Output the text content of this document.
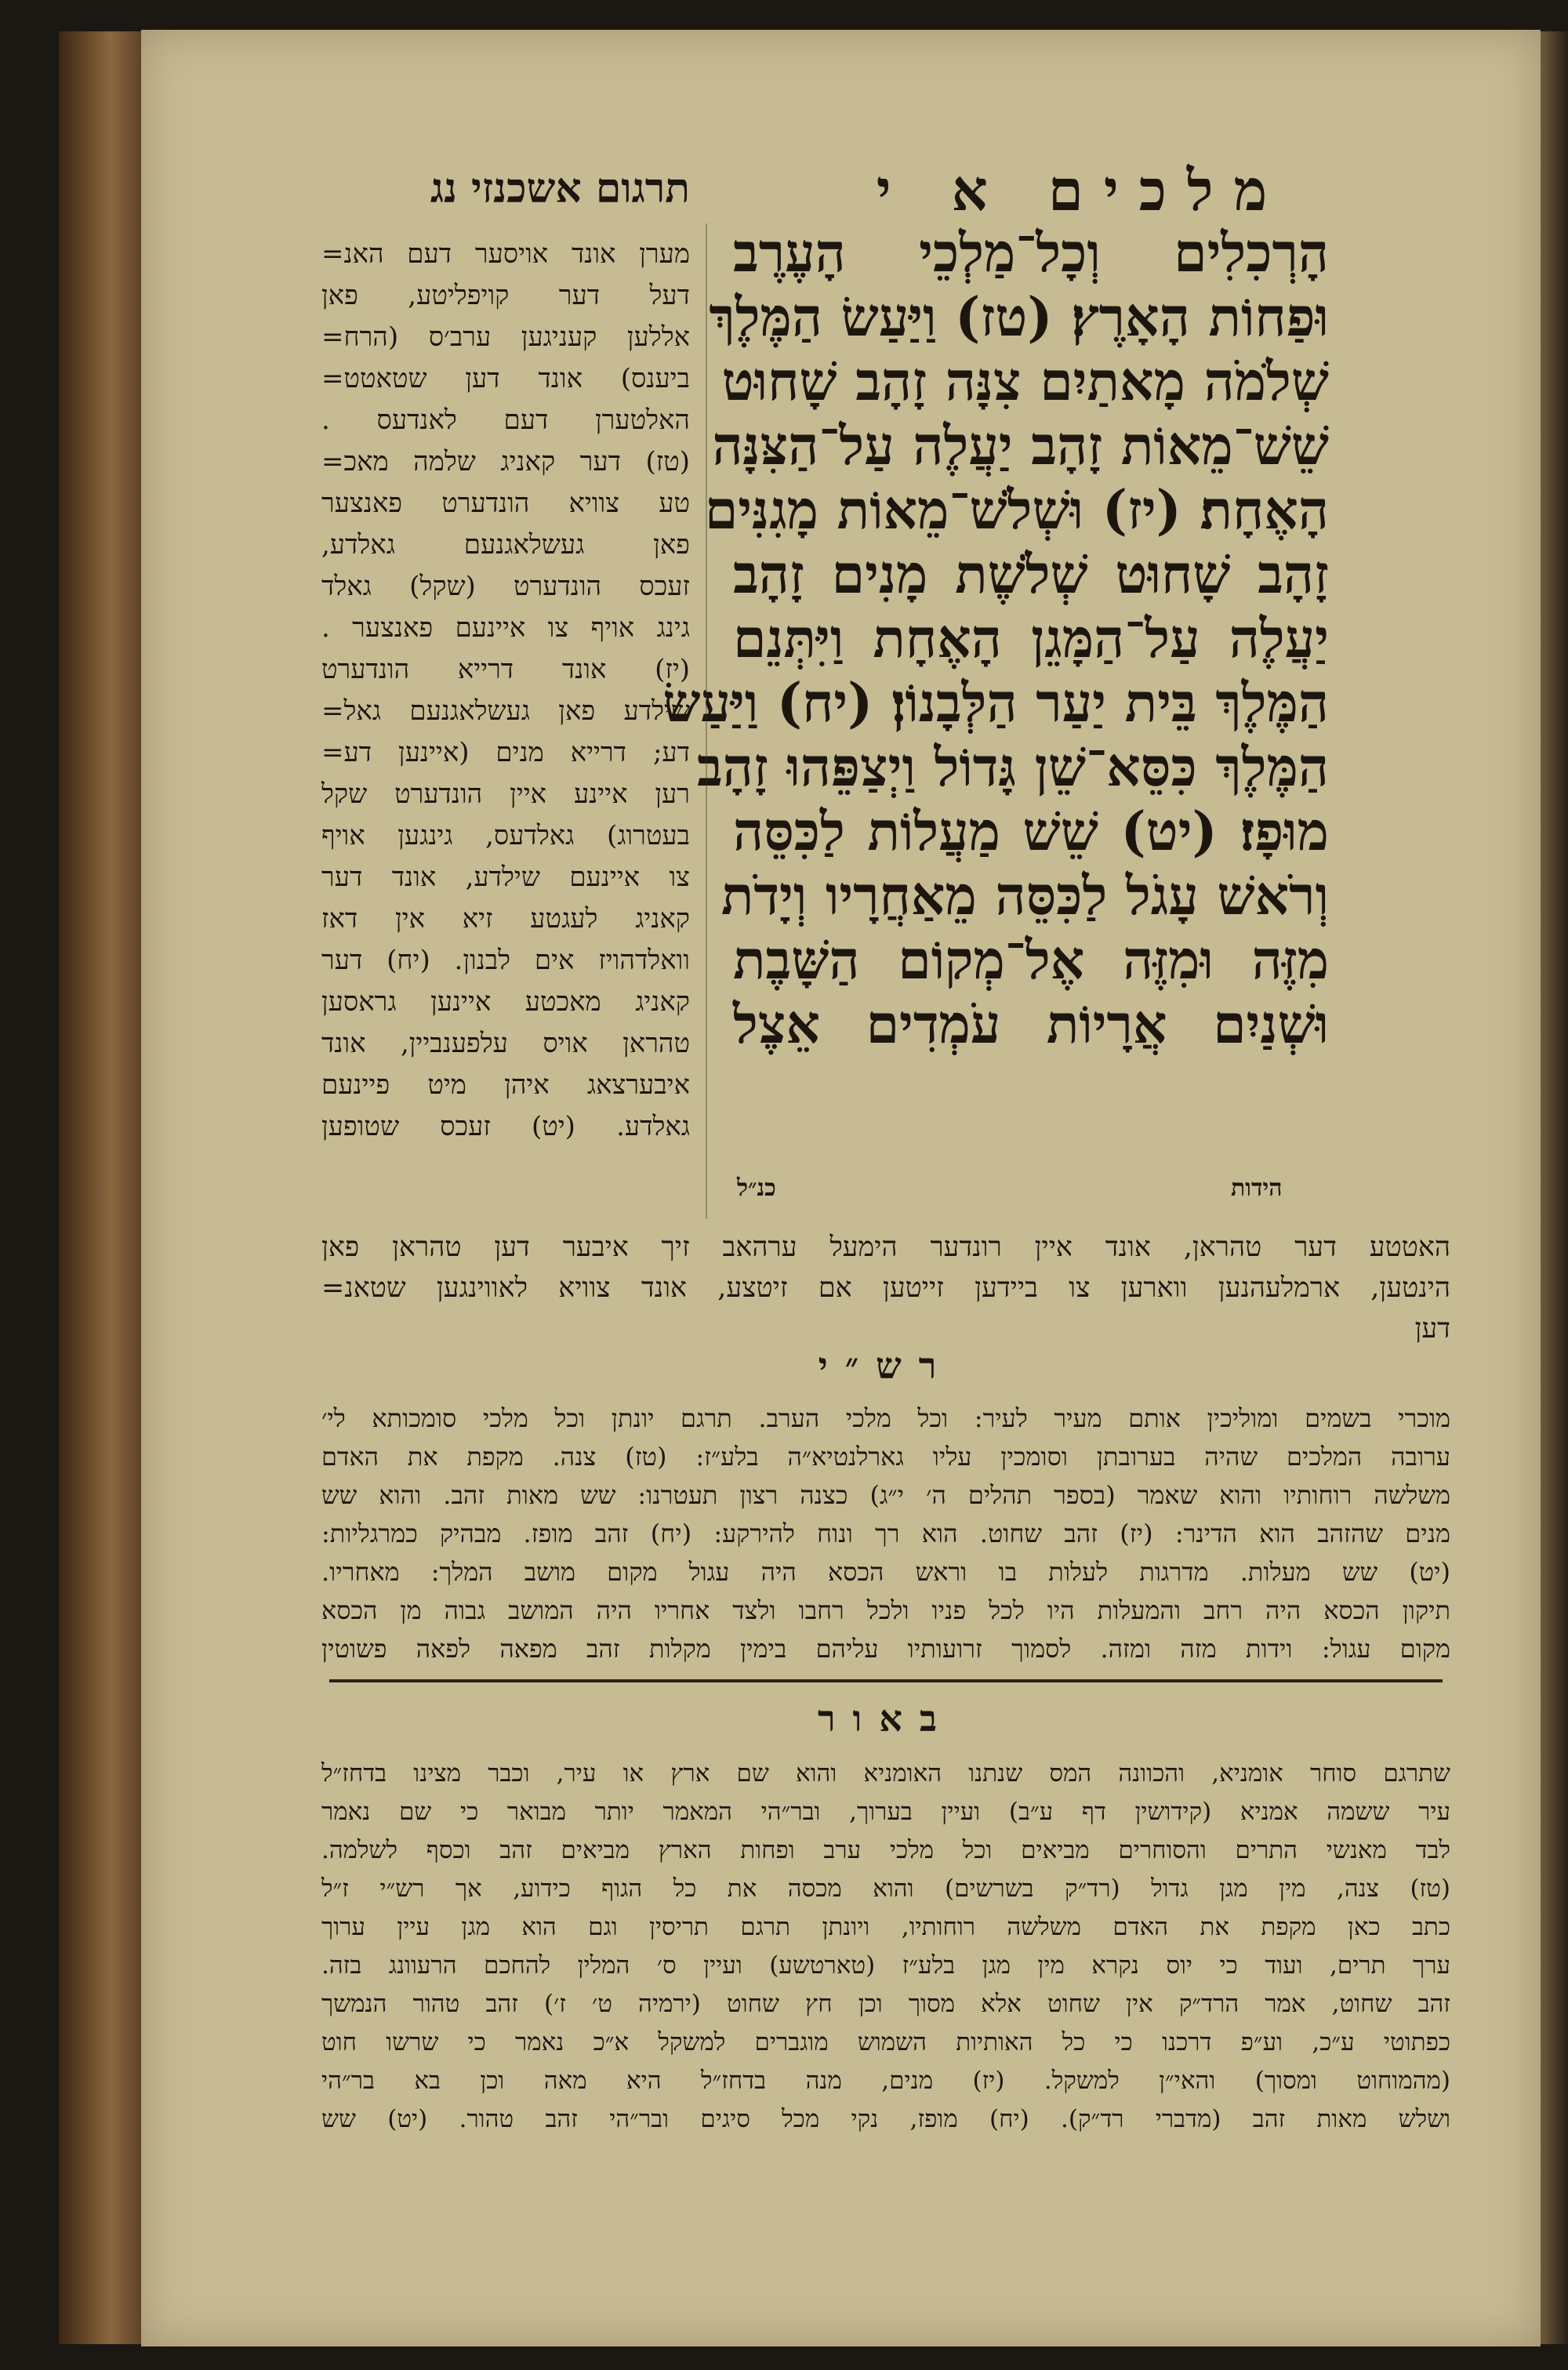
מלכים א י
תרגום אשכנזי נג
הָרְכִלִים וְכָל־מַלְכֵי הָעֶרֶב
וּפַחוֹת הָאָרֶץ׃ (טז) וַיַּעַשׂ הַמֶּלֶךְ
שְׁלֹמֹה מָאתַיִם צִנָּה זָהָב שָׁחוּט
שֵׁשׁ־מֵאוֹת זָהָב יַעֲלֶה עַל־הַצִּנָּה
הָאֶחָת׃ (יז) וּשְׁלֹשׁ־מֵאוֹת מָגִנִּים
זָהָב שָׁחוּט שְׁלֹשֶׁת מָנִים זָהָב
יַעֲלֶה עַל־הַמָּגֵן הָאֶחָת וַיִּתְּנֵם
הַמֶּלֶךְ בֵּית יַעַר הַלְּבָנוֹן׃ (יח) וַיַּעַשׂ
הַמֶּלֶךְ כִּסֵּא־שֵׁן גָּדוֹל וַיְצַפֵּהוּ זָהָב
מוּפָז׃ (יט) שֵׁשׁ מַעֲלוֹת לַכִּסֵּה
וְרֹאשׁ עָגֹל לַכִּסֵּה מֵאַחֲרָיו וְיָדֹת
מִזֶּה וּמִזֶּה אֶל־מְקוֹם הַשָּׁבֶת
וּשְׁנַיִם אֲרָיוֹת עֹמְדִים אֵצֶל
כנ״ל	הידות
מערן אונד אויסער דעם האנ=
דעל דער קויפליטע, פאן
אללען קעניגען ערב׳ס (הרח=
ביענס) אונד דען שטאטט=
האלטערן דעם לאנדעס .
(טז) דער קאניג שלמה מאכ=
טע צוויא הונדערט פאנצער
פאן געשלאגנעם גאלדע,
זעכס הונדערט (שקל) גאלד
גינג אויף צו איינעם פאנצער .
(יז) אונד דרייא הונדערט
שילדע פאן געשלאגנעם גאל=
דע; דרייא מנים (איינען דע=
רען איינע איין הונדערט שקל
בעטרוג) גאלדעס, גינגען אויף
צו איינעם שילדע, אונד דער
קאניג לעגטע זיא אין דאז
וואלדהויז אים לבנון. (יח) דער
קאניג מאכטע איינען גראסען
טהראן אויס עלפענביין, אונד
איבערצאג איהן מיט פיינעם
גאלדע. (יט) זעכס שטופען
האטטע דער טהראן, אונד איין רונדער הימעל ערהאב זיך איבער דען טהראן פאן
הינטען, ארמלעהנען ווארען צו ביידען זייטען אם זיטצע, אונד צוויא לאווינגען שטאנ=
דען
רש״י
מוכרי בשמים ומוליכין אותם מעיר לעיר: וכל מלכי הערב. תרגם יונתן וכל מלכי סומכותא לי׳
ערובה המלכים שהיה בערובתן וסומכין עליו גארלנטיא״ה בלע״ז: (טז) צנה. מקפת את האדם
משלשה רוחותיו והוא שאמר (בספר תהלים ה׳ י״ג) כצנה רצון תעטרנו: שש מאות זהב. והוא שש
מנים שהזהב הוא הדינר: (יז) זהב שחוט. הוא רך ונוח להירקע: (יח) זהב מופז. מבהיק כמרגליות:
(יט) שש מעלות. מדרגות לעלות בו וראש הכסא היה עגול מקום מושב המלך: מאחריו.
תיקון הכסא היה רחב והמעלות היו לכל פניו ולכל רחבו ולצד אחריו היה המושב גבוה מן הכסא
מקום עגול: וידות מזה ומזה. לסמוך זרועותיו עליהם בימין מקלות זהב מפאה לפאה פשוטין
באור
שתרגם סוחר אומניא, והכוונה המס שנתנו האומניא והוא שם ארץ או עיר, וכבר מצינו בדחז״ל
עיר ששמה אמניא (קידושין דף ע״ב) ועיין בערוך, ובר״הי המאמר יותר מבואר כי שם נאמר
לבד מאנשי התרים והסוחרים מביאים וכל מלכי ערב ופחות הארץ מביאים זהב וכסף לשלמה.
(טז) צנה, מין מגן גדול (רד״ק בשרשים) והוא מכסה את כל הגוף כידוע, אך רש״י ז״ל
כתב כאן מקפת את האדם משלשה רוחותיו, ויונתן תרגם תריסין וגם הוא מגן עיין ערוך
ערך תרים, ועוד כי יוס נקרא מין מגן בלע״ז (טארטשע) ועיין ס׳ המלין להחכם הרעוונג בזה.
זהב שחוט, אמר הרד״ק אין שחוט אלא מסוך וכן חץ שחוט (ירמיה ט׳ ז׳) זהב טהור הנמשך
כפתוטי ע״כ, וע״פ דרכנו כי כל האותיות השמוש מוגברים למשקל א״כ נאמר כי שרשו חוט
(מהמוחוט ומסוך) והאי״ן למשקל. (יז) מנים, מנה בדחז״ל היא מאה וכן בא בר״הי
ושלש מאות זהב (מדברי רד״ק). (יח) מופז, נקי מכל סיגים ובר״הי זהב טהור. (יט) שש
